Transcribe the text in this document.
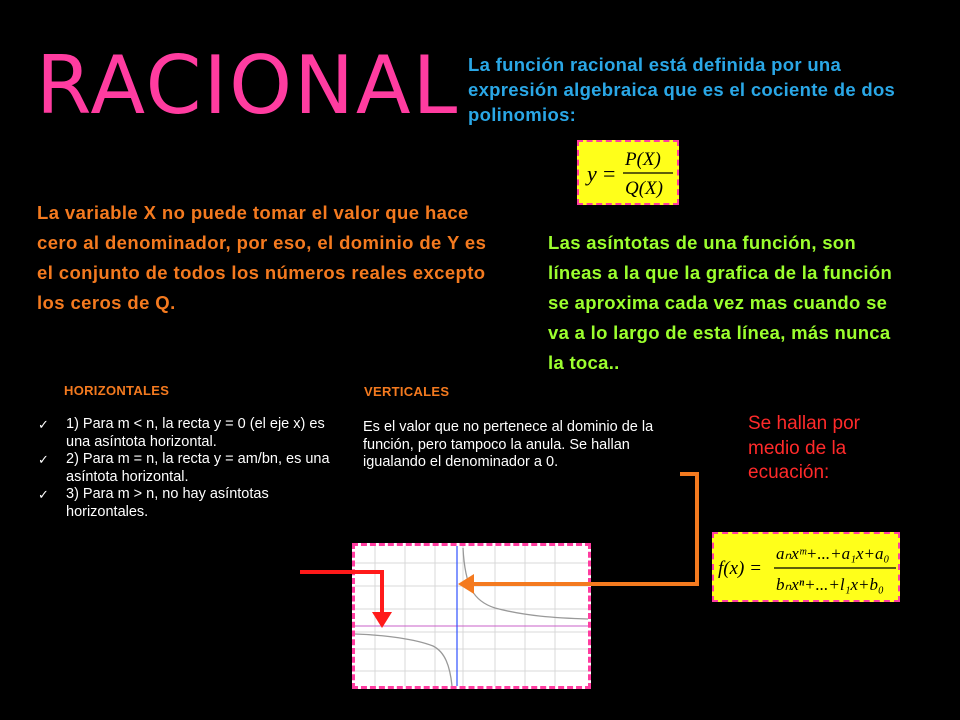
RACIONAL La función racional está definida por una expresión algebraica que es el cociente de dos polinomios:
y =
P(X)
Q(X)
La variable X no puede tomar el valor que hace cero al denominador, por eso, el dominio de Y es el conjunto de todos los números reales excepto los ceros de Q.
Las asíntotas de una función, son líneas a la que la grafica de la función se aproxima cada vez mas cuando se va a lo largo de esta línea, más nunca la toca..
HORIZONTALES	VERTICALES
✓ 1) Para m < n, la recta y = 0 (el eje x) es una asíntota horizontal.
✓ 2) Para m = n, la recta y = am/bn, es una asíntota horizontal.
✓ 3) Para m > n, no hay asíntotas horizontales.
Es el valor que no pertenece al dominio de la función, pero tampoco la anula. Se hallan igualando el denominador a 0.
Se hallan por medio de la ecuación:
f(x) =
aₙxᵐ+...+a₁x+a₀
bₙxⁿ+...+l₁x+b₀
